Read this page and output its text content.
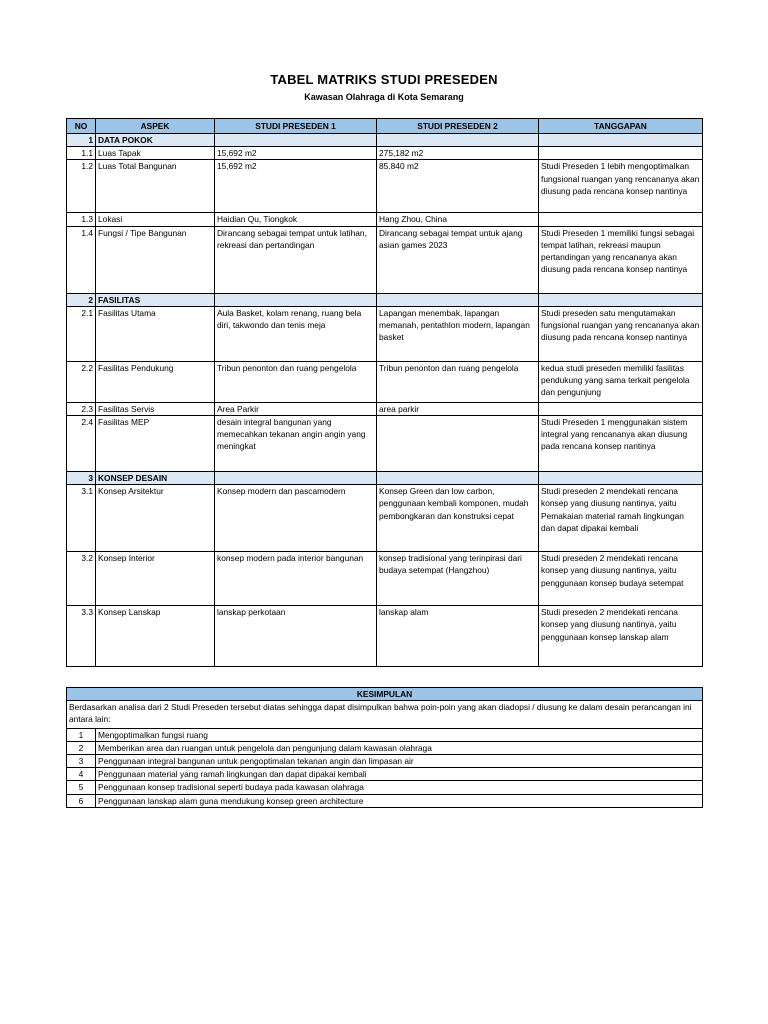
TABEL MATRIKS STUDI PRESEDEN
Kawasan Olahraga di Kota Semarang
NO	ASPEK	STUDI PRESEDEN 1	STUDI PRESEDEN 2	TANGGAPAN
1	DATA POKOK			
1.1	Luas Tapak	15,692 m2	275,182 m2	
1.2	Luas Total Bangunan	15,692 m2	85.840 m2	Studi Preseden 1 lebih mengoptimalkan fungsional ruangan yang rencananya akan diusung pada rencana konsep nantinya
1.3	Lokasi	Haidian Qu, Tiongkok	Hang Zhou, China	
1.4	Fungsi / Tipe Bangunan	Dirancang sebagai tempat untuk latihan, rekreasi dan pertandingan	Dirancang sebagai tempat untuk ajang asian games 2023	Studi Preseden 1 memiliki fungsi sebagai tempat latihan, rekreasi maupun pertandingan yang rencananya akan diusung pada rencana konsep nantinya
2	FASILITAS			
2.1	Fasilitas Utama	Aula Basket, kolam renang, ruang bela diri, takwondo dan tenis meja	Lapangan menembak, lapangan memanah, pentathlon modern, lapangan basket	Studi preseden satu mengutamakan fungsional ruangan yang rencananya akan diusung pada rencana konsep nantinya
2.2	Fasilitas Pendukung	Tribun penonton dan ruang pengelola	Tribun penonton dan ruang pengelola	kedua studi preseden memiliki fasilitas pendukung yang sama terkait pengelola dan pengunjung
2.3	Fasilitas Servis	Area Parkir	area parkir	
2.4	Fasilitas MEP	desain integral bangunan yang memecahkan tekanan angin angin yang meningkat		Studi Preseden 1 menggunakan sistem integral yang rencananya akan diusung pada rencana konsep nantinya
3	KONSEP DESAIN			
3.1	Konsep Arsitektur	Konsep modern dan pascamodern	Konsep Green dan low carbon, penggunaan kembali komponen, mudah pembongkaran dan konstruksi cepat	Studi preseden 2 mendekati rencana konsep yang diusung nantinya, yaitu Pemakaian material ramah lingkungan dan dapat dipakai kembali
3.2	Konsep Interior	konsep modern pada interior bangunan	konsep tradisional yang terinpirasi dari budaya setempat (Hangzhou)	Studi preseden 2 mendekati rencana konsep yang diusung nantinya, yaitu penggunaan konsep budaya setempat
3.3	Konsep Lanskap	lanskap perkotaan	lanskap alam	Studi preseden 2 mendekati rencana konsep yang diusung nantinya, yaitu penggunaan konsep lanskap alam
KESIMPULAN	
Berdasarkan analisa dari 2 Studi Preseden tersebut diatas sehingga dapat disimpulkan bahwa poin-poin yang akan diadopsi / diusung ke dalam desain perancangan ini antara lain:	
1	Mengoptimalkan fungsi ruang
2	Memberikan area dan ruangan untuk pengelola dan pengunjung dalam kawasan olahraga
3	Penggunaan integral bangunan untuk pengoptimalan tekanan angin dan limpasan air
4	Penggunaan material yang ramah lingkungan dan dapat dipakai kembali
5	Penggunaan konsep tradisional seperti budaya pada kawasan olahraga
6	Penggunaan lanskap alam guna mendukung konsep green architecture
